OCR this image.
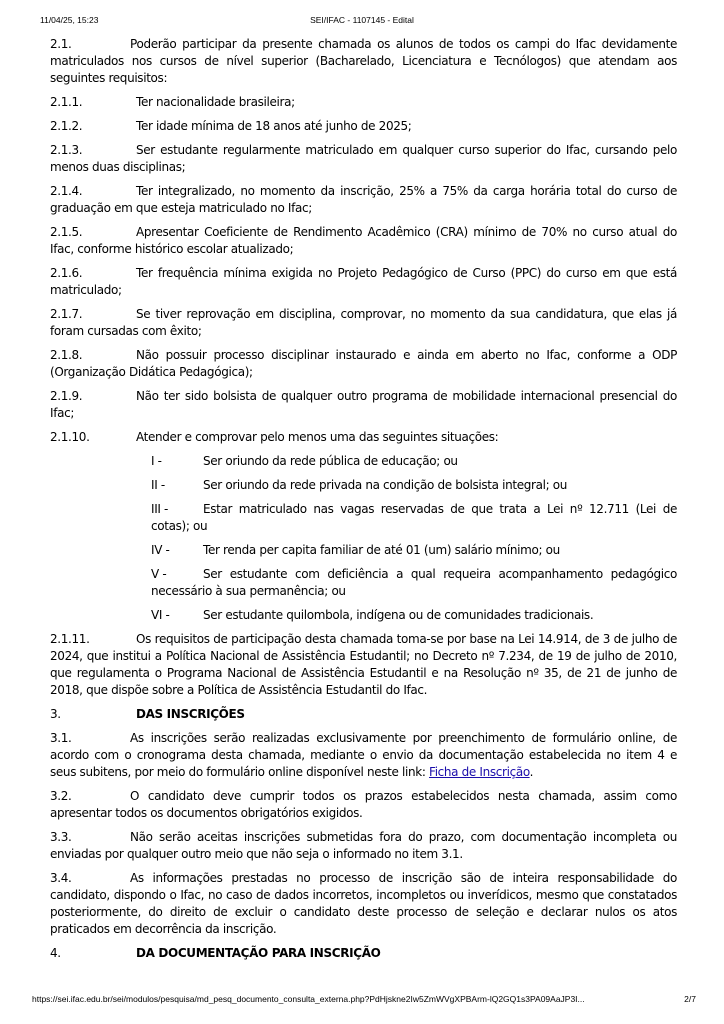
11/04/25, 15:23	SEI/IFAC - 1107145 - Edital

2.1.	Poderão participar da presente chamada os alunos de todos os campi do Ifac devidamente matriculados nos cursos de nível superior (Bacharelado, Licenciatura e Tecnólogos) que atendam aos seguintes requisitos:

2.1.1.	Ter nacionalidade brasileira;

2.1.2.	Ter idade mínima de 18 anos até junho de 2025;

2.1.3.	Ser estudante regularmente matriculado em qualquer curso superior do Ifac, cursando pelo menos duas disciplinas;

2.1.4.	Ter integralizado, no momento da inscrição, 25% a 75% da carga horária total do curso de graduação em que esteja matriculado no Ifac;

2.1.5.	Apresentar Coeficiente de Rendimento Acadêmico (CRA) mínimo de 70% no curso atual do Ifac, conforme histórico escolar atualizado;

2.1.6.	Ter frequência mínima exigida no Projeto Pedagógico de Curso (PPC) do curso em que está matriculado;

2.1.7.	Se tiver reprovação em disciplina, comprovar, no momento da sua candidatura, que elas já foram cursadas com êxito;

2.1.8.	Não possuir processo disciplinar instaurado e ainda em aberto no Ifac, conforme a ODP (Organização Didática Pedagógica);

2.1.9.	Não ter sido bolsista de qualquer outro programa de mobilidade internacional presencial do Ifac;

2.1.10.	Atender e comprovar pelo menos uma das seguintes situações:

I -	Ser oriundo da rede pública de educação; ou

II -	Ser oriundo da rede privada na condição de bolsista integral; ou

III -	Estar matriculado nas vagas reservadas de que trata a Lei nº 12.711 (Lei de cotas); ou

IV -	Ter renda per capita familiar de até 01 (um) salário mínimo; ou

V -	Ser estudante com deficiência a qual requeira acompanhamento pedagógico necessário à sua permanência; ou

VI -	Ser estudante quilombola, indígena ou de comunidades tradicionais.

2.1.11.	Os requisitos de participação desta chamada toma-se por base na Lei 14.914, de 3 de julho de 2024, que institui a Política Nacional de Assistência Estudantil; no Decreto nº 7.234, de 19 de julho de 2010, que regulamenta o Programa Nacional de Assistência Estudantil e na Resolução nº 35, de 21 de junho de 2018, que dispõe sobre a Política de Assistência Estudantil do Ifac.

3.	DAS INSCRIÇÕES

3.1.	As inscrições serão realizadas exclusivamente por preenchimento de formulário online, de acordo com o cronograma desta chamada, mediante o envio da documentação estabelecida no item 4 e seus subitens, por meio do formulário online disponível neste link: Ficha de Inscrição.

3.2.	O candidato deve cumprir todos os prazos estabelecidos nesta chamada, assim como apresentar todos os documentos obrigatórios exigidos.

3.3.	Não serão aceitas inscrições submetidas fora do prazo, com documentação incompleta ou enviadas por qualquer outro meio que não seja o informado no item 3.1.

3.4.	As informações prestadas no processo de inscrição são de inteira responsabilidade do candidato, dispondo o Ifac, no caso de dados incorretos, incompletos ou inverídicos, mesmo que constatados posteriormente, do direito de excluir o candidato deste processo de seleção e declarar nulos os atos praticados em decorrência da inscrição.

4.	DA DOCUMENTAÇÃO PARA INSCRIÇÃO

https://sei.ifac.edu.br/sei/modulos/pesquisa/md_pesq_documento_consulta_externa.php?PdHjskne2Iw5ZmWVgXPBArm-lQ2GQ1s3PA09AaJP3I...	2/7
